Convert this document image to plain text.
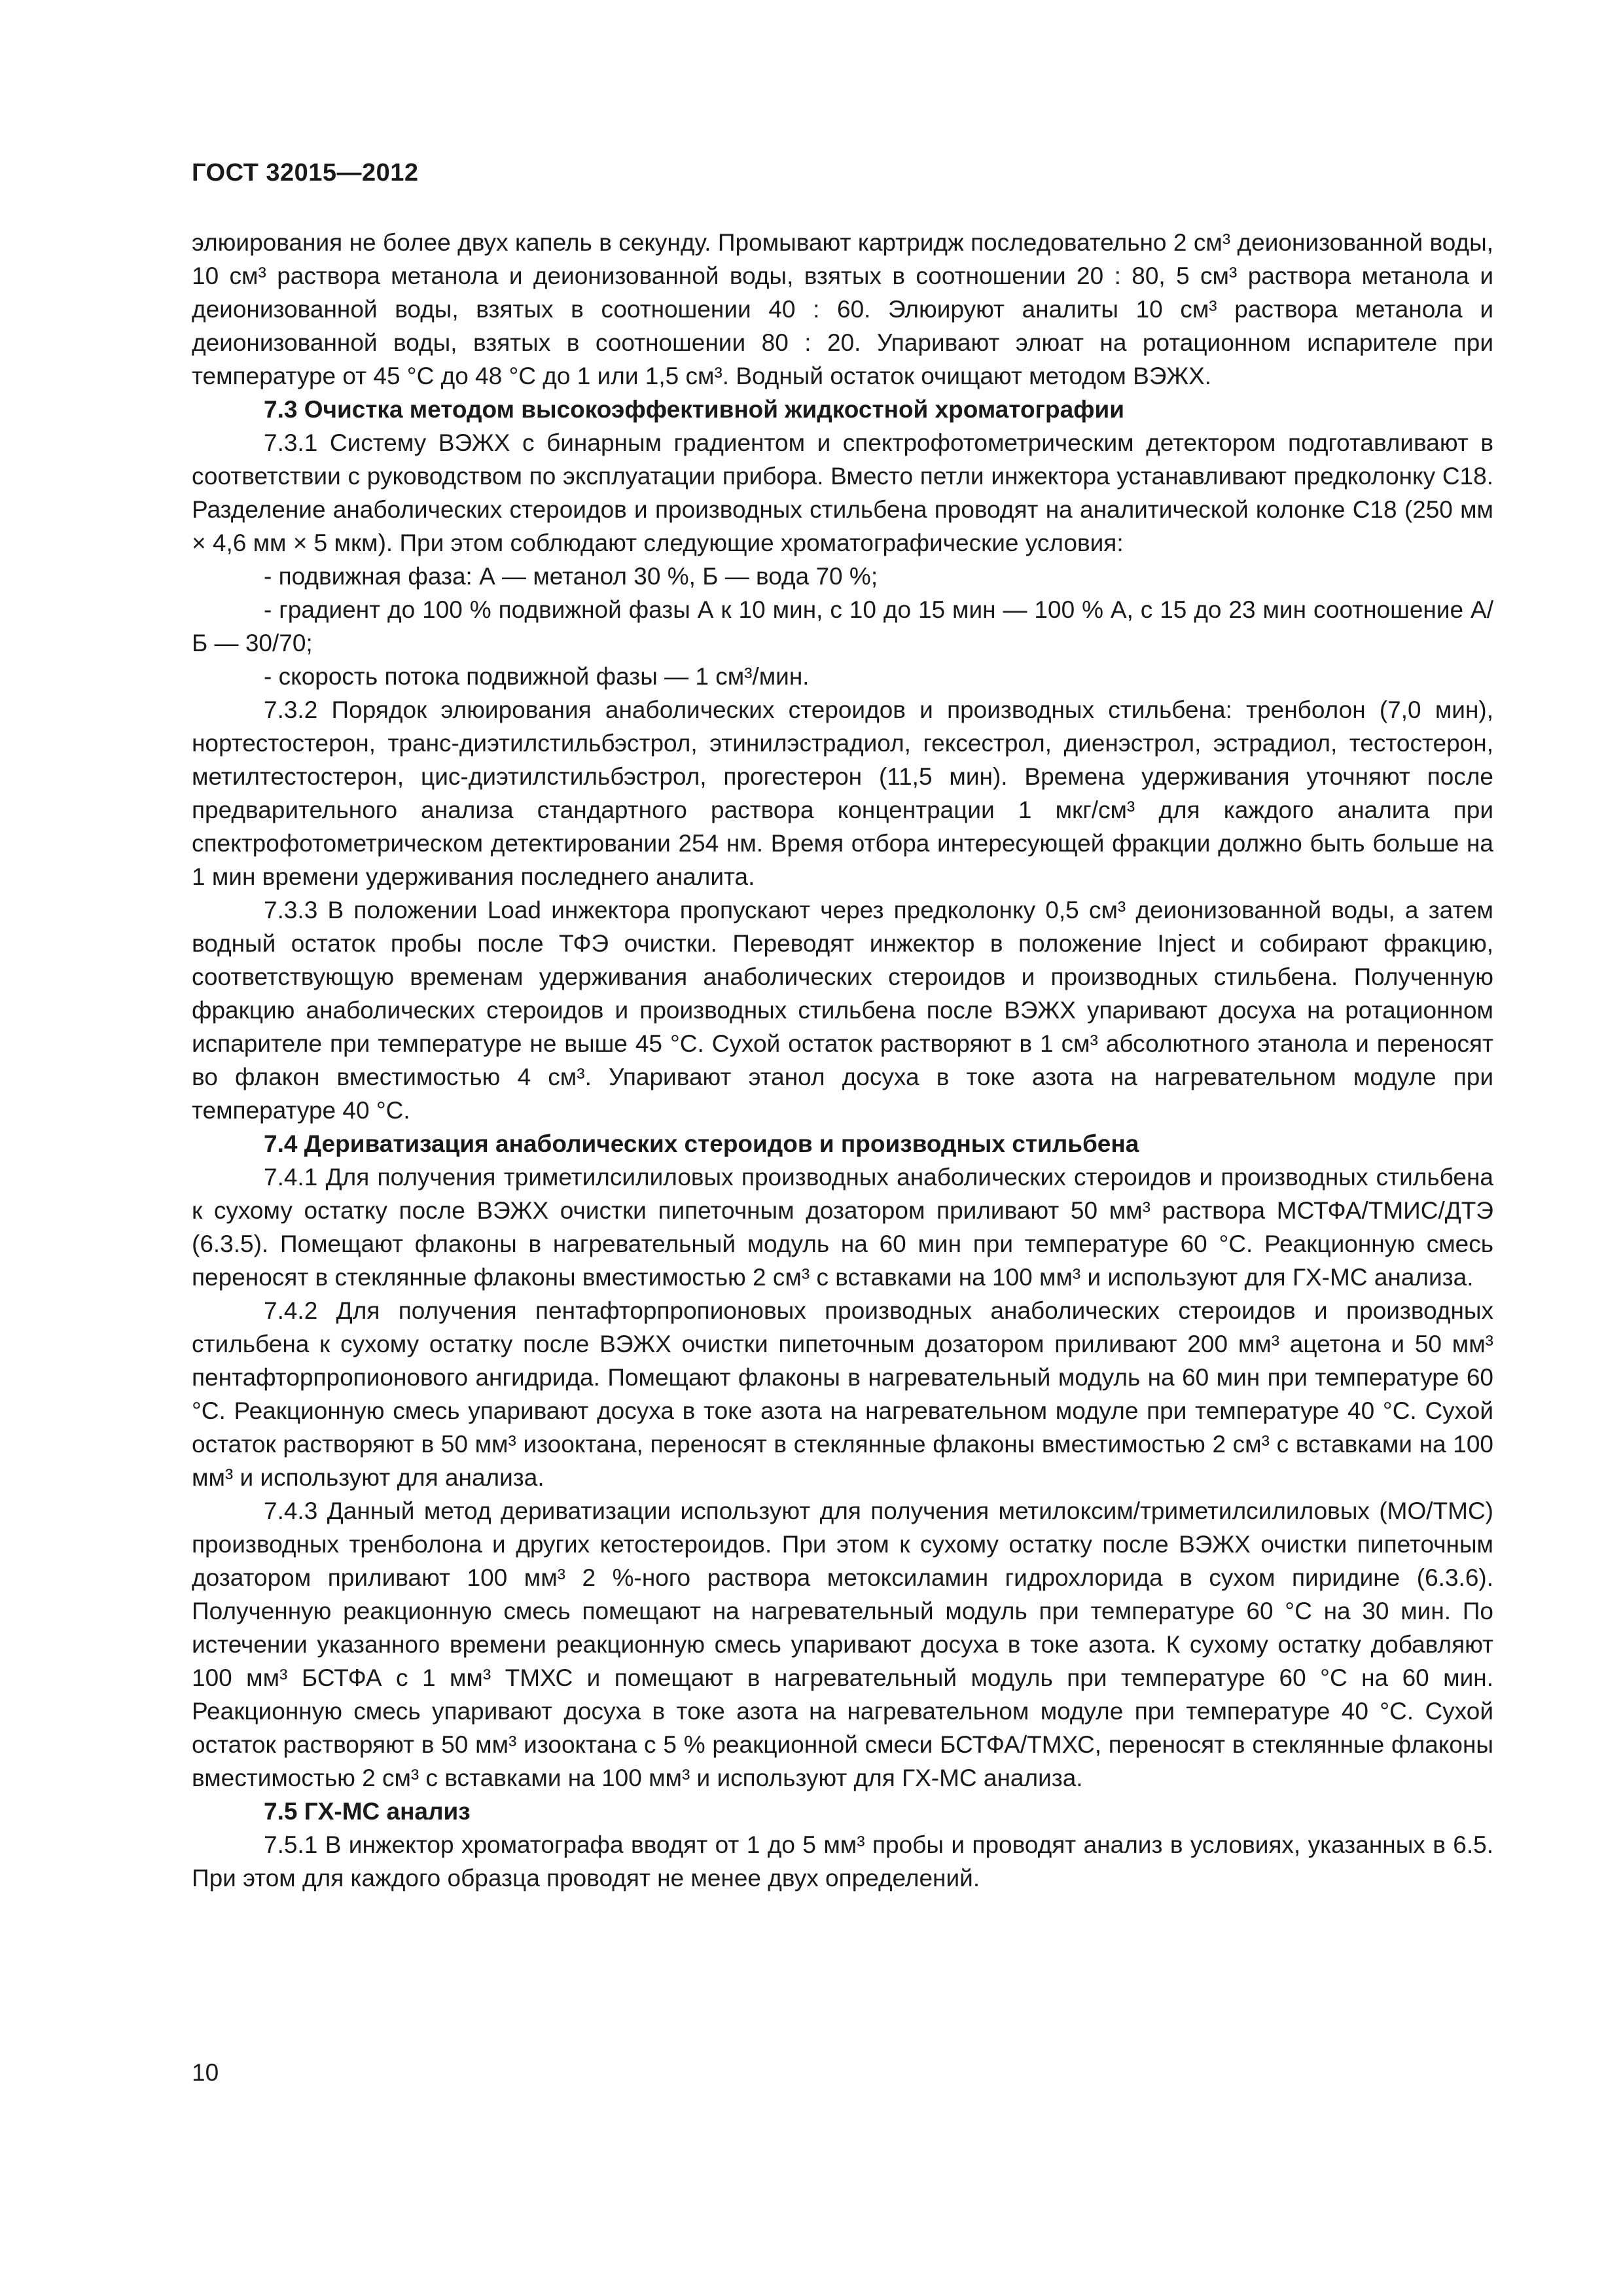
ГОСТ 32015—2012

элюирования не более двух капель в секунду. Промывают картридж последовательно 2 см³ деионизованной воды, 10 см³ раствора метанола и деионизованной воды, взятых в соотношении 20 : 80, 5 см³ раствора метанола и деионизованной воды, взятых в соотношении 40 : 60. Элюируют аналиты 10 см³ раствора метанола и деионизованной воды, взятых в соотношении 80 : 20. Упаривают элюат на ротационном испарителе при температуре от 45 °С до 48 °С до 1 или 1,5 см³. Водный остаток очищают методом ВЭЖХ.

7.3 Очистка методом высокоэффективной жидкостной хроматографии

7.3.1 Систему ВЭЖХ с бинарным градиентом и спектрофотометрическим детектором подготавливают в соответствии с руководством по эксплуатации прибора. Вместо петли инжектора устанавливают предколонку С18. Разделение анаболических стероидов и производных стильбена проводят на аналитической колонке С18 (250 мм × 4,6 мм × 5 мкм). При этом соблюдают следующие хроматографические условия:

- подвижная фаза: А — метанол 30 %, Б — вода 70 %;

- градиент до 100 % подвижной фазы А к 10 мин, с 10 до 15 мин — 100 % А, с 15 до 23 мин соотношение А/Б — 30/70;

- скорость потока подвижной фазы — 1 см³/мин.

7.3.2 Порядок элюирования анаболических стероидов и производных стильбена: тренболон (7,0 мин), нортестостерон, транс-диэтилстильбэстрол, этинилэстрадиол, гексестрол, диенэстрол, эстрадиол, тестостерон, метилтестостерон, цис-диэтилстильбэстрол, прогестерон (11,5 мин). Времена удерживания уточняют после предварительного анализа стандартного раствора концентрации 1 мкг/см³ для каждого аналита при спектрофотометрическом детектировании 254 нм. Время отбора интересующей фракции должно быть больше на 1 мин времени удерживания последнего аналита.

7.3.3 В положении Load инжектора пропускают через предколонку 0,5 см³ деионизованной воды, а затем водный остаток пробы после ТФЭ очистки. Переводят инжектор в положение Inject и собирают фракцию, соответствующую временам удерживания анаболических стероидов и производных стильбена. Полученную фракцию анаболических стероидов и производных стильбена после ВЭЖХ упаривают досуха на ротационном испарителе при температуре не выше 45 °С. Сухой остаток растворяют в 1 см³ абсолютного этанола и переносят во флакон вместимостью 4 см³. Упаривают этанол досуха в токе азота на нагревательном модуле при температуре 40 °С.

7.4 Дериватизация анаболических стероидов и производных стильбена

7.4.1 Для получения триметилсилиловых производных анаболических стероидов и производных стильбена к сухому остатку после ВЭЖХ очистки пипеточным дозатором приливают 50 мм³ раствора МСТФА/ТМИС/ДТЭ (6.3.5). Помещают флаконы в нагревательный модуль на 60 мин при температуре 60 °С. Реакционную смесь переносят в стеклянные флаконы вместимостью 2 см³ с вставками на 100 мм³ и используют для ГХ-МС анализа.

7.4.2 Для получения пентафторпропионовых производных анаболических стероидов и производных стильбена к сухому остатку после ВЭЖХ очистки пипеточным дозатором приливают 200 мм³ ацетона и 50 мм³ пентафторпропионового ангидрида. Помещают флаконы в нагревательный модуль на 60 мин при температуре 60 °С. Реакционную смесь упаривают досуха в токе азота на нагревательном модуле при температуре 40 °С. Сухой остаток растворяют в 50 мм³ изооктана, переносят в стеклянные флаконы вместимостью 2 см³ с вставками на 100 мм³ и используют для анализа.

7.4.3 Данный метод дериватизации используют для получения метилоксим/триметилсилиловых (МО/ТМС) производных тренболона и других кетостероидов. При этом к сухому остатку после ВЭЖХ очистки пипеточным дозатором приливают 100 мм³ 2 %-ного раствора метоксиламин гидрохлорида в сухом пиридине (6.3.6). Полученную реакционную смесь помещают на нагревательный модуль при температуре 60 °С на 30 мин. По истечении указанного времени реакционную смесь упаривают досуха в токе азота. К сухому остатку добавляют 100 мм³ БСТФА с 1 мм³ ТМХС и помещают в нагревательный модуль при температуре 60 °С на 60 мин. Реакционную смесь упаривают досуха в токе азота на нагревательном модуле при температуре 40 °С. Сухой остаток растворяют в 50 мм³ изооктана с 5 % реакционной смеси БСТФА/ТМХС, переносят в стеклянные флаконы вместимостью 2 см³ с вставками на 100 мм³ и используют для ГХ-МС анализа.

7.5 ГХ-МС анализ

7.5.1 В инжектор хроматографа вводят от 1 до 5 мм³ пробы и проводят анализ в условиях, указанных в 6.5. При этом для каждого образца проводят не менее двух определений.

10
